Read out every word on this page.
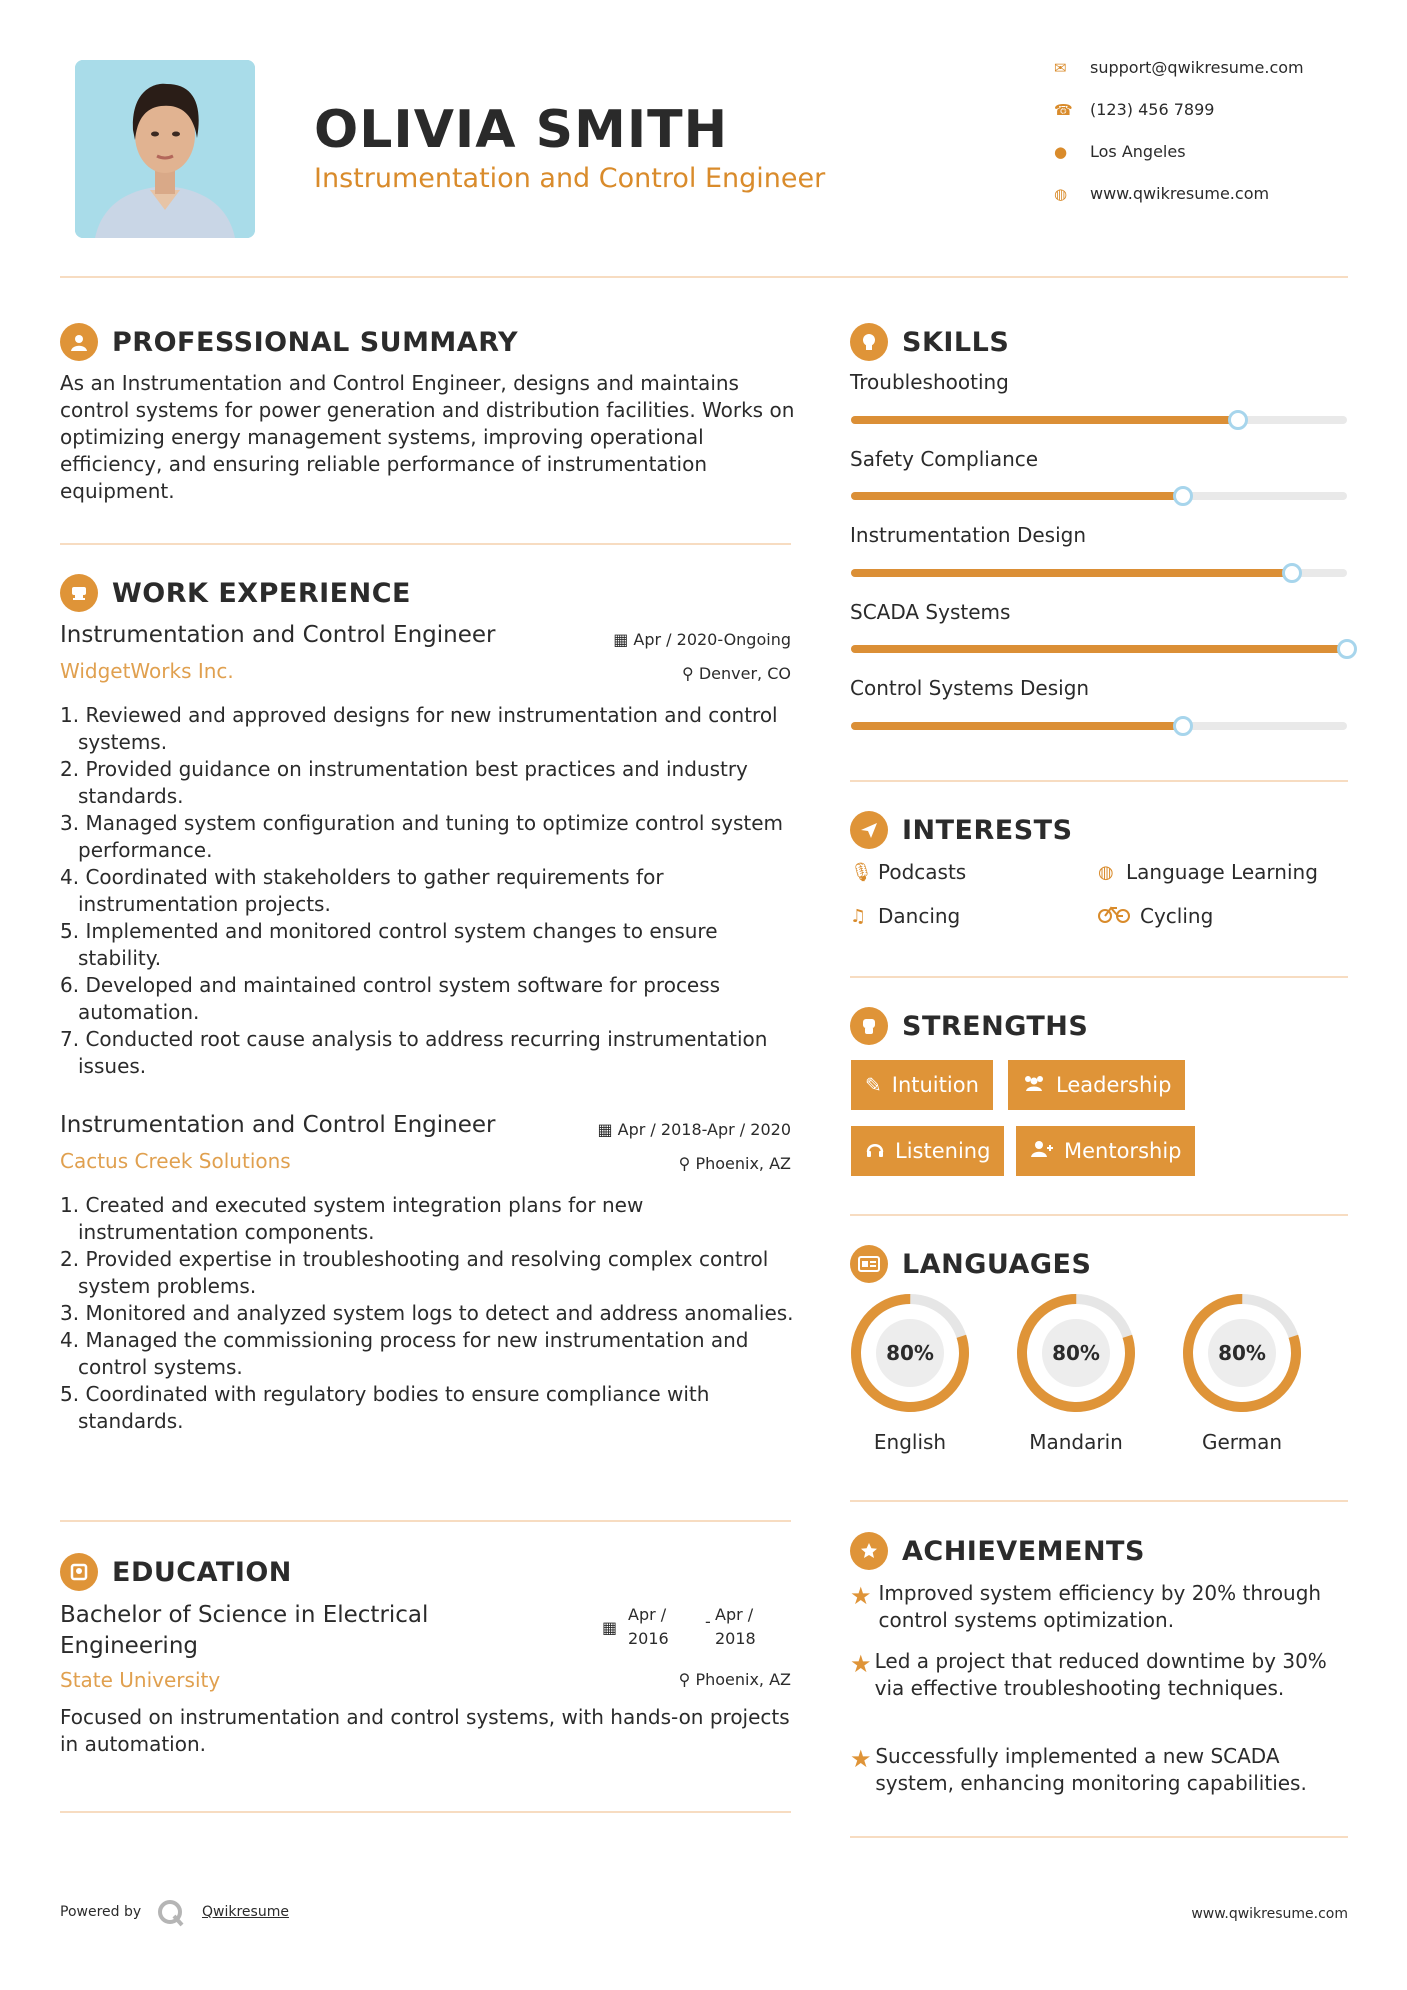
OLIVIA SMITH
Instrumentation and Control Engineer
✉	support@qwikresume.com
☎	(123) 456 7899
●	Los Angeles
◍	www.qwikresume.com
PROFESSIONAL SUMMARY
As an Instrumentation and Control Engineer, designs and maintains control systems for power generation and distribution facilities. Works on optimizing energy management systems, improving operational efficiency, and ensuring reliable performance of instrumentation equipment.
WORK EXPERIENCE
Instrumentation and Control Engineer	▦ Apr / 2020-Ongoing
WidgetWorks Inc.	⚲ Denver, CO
1. Reviewed and approved designs for new instrumentation and control systems.
2. Provided guidance on instrumentation best practices and industry standards.
3. Managed system configuration and tuning to optimize control system performance.
4. Coordinated with stakeholders to gather requirements for instrumentation projects.
5. Implemented and monitored control system changes to ensure stability.
6. Developed and maintained control system software for process automation.
7. Conducted root cause analysis to address recurring instrumentation issues.
Instrumentation and Control Engineer	▦ Apr / 2018-Apr / 2020
Cactus Creek Solutions	⚲ Phoenix, AZ
1. Created and executed system integration plans for new instrumentation components.
2. Provided expertise in troubleshooting and resolving complex control system problems.
3. Monitored and analyzed system logs to detect and address anomalies.
4. Managed the commissioning process for new instrumentation and control systems.
5. Coordinated with regulatory bodies to ensure compliance with standards.
EDUCATION
Bachelor of Science in Electrical
Engineering
▦
Apr /
2016
- Apr /
2018
State University	⚲ Phoenix, AZ
Focused on instrumentation and control systems, with hands-on projects in automation.
SKILLS
Troubleshooting
Safety Compliance
Instrumentation Design
SCADA Systems
Control Systems Design
INTERESTS
🎙 Podcasts	◍ Language Learning
♫ Dancing	Cycling
STRENGTHS
✎ Intuition	Leadership
Listening	Mentorship
LANGUAGES
80%	80%	80%
English	Mandarin	German
ACHIEVEMENTS
★ Improved system efficiency by 20% through control systems optimization.
★ Led a project that reduced downtime by 30% via effective troubleshooting techniques.
★ Successfully implemented a new SCADA system, enhancing monitoring capabilities.
Powered by	Qwikresume	www.qwikresume.com
